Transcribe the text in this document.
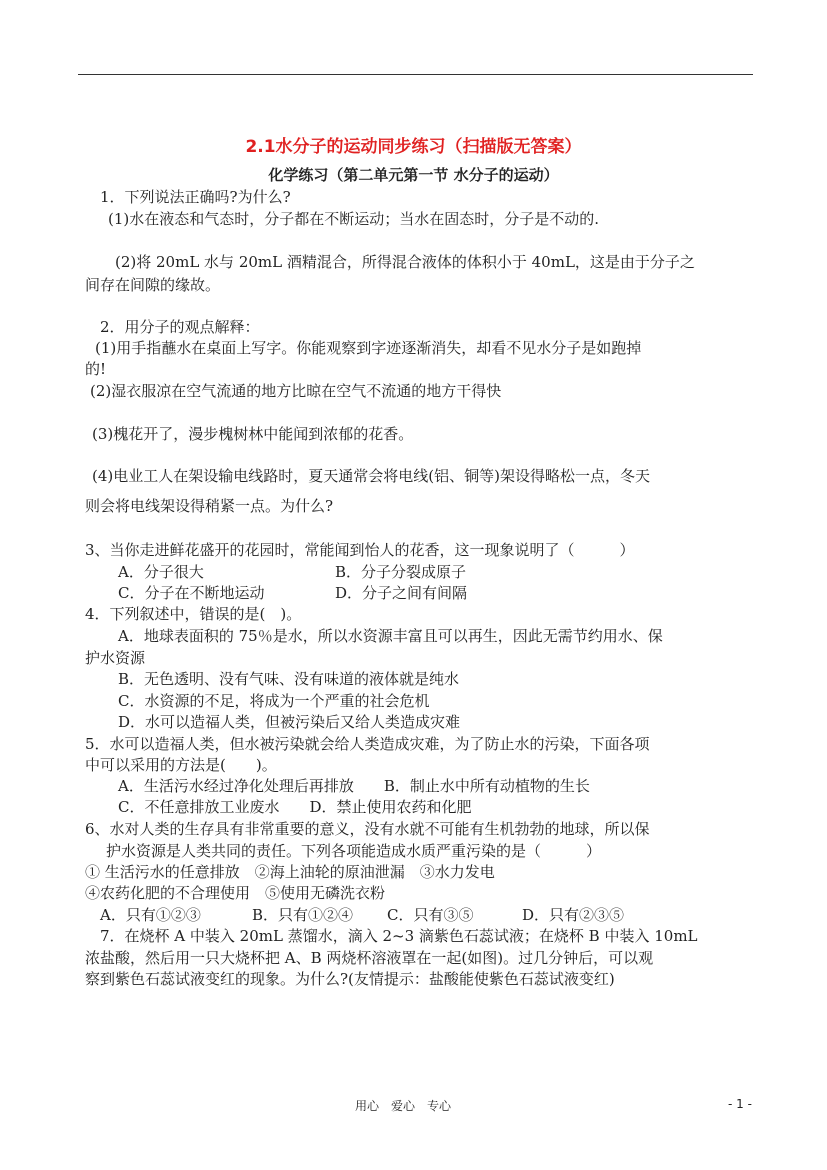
2.1水分子的运动同步练习（扫描版无答案）
化学练习（第二单元第一节 水分子的运动）
1．下列说法正确吗?为什么?
(1)水在液态和气态时，分子都在不断运动；当水在固态时，分子是不动的.
(2)将 20mL 水与 20mL 酒精混合，所得混合液体的体积小于 40mL，这是由于分子之
间存在间隙的缘故。
2．用分子的观点解释：
(1)用手指蘸水在桌面上写字。你能观察到字迹逐渐消失，却看不见水分子是如跑掉
的!
(2)湿衣服凉在空气流通的地方比晾在空气不流通的地方干得快
(3)槐花开了，漫步槐树林中能闻到浓郁的花香。
(4)电业工人在架设输电线路时，夏天通常会将电线(铝、铜等)架设得略松一点，冬天
则会将电线架设得稍紧一点。为什么?
3、当你走进鲜花盛开的花园时，常能闻到怡人的花香，这一现象说明了（　　　）
A．分子很大	B．分子分裂成原子
C．分子在不断地运动	D．分子之间有间隔
4．下列叙述中，错误的是(　)。
A．地球表面积的 75％是水，所以水资源丰富且可以再生，因此无需节约用水、保
护水资源
B．无色透明、没有气味、没有味道的液体就是纯水
C．水资源的不足，将成为一个严重的社会危机
D．水可以造福人类，但被污染后又给人类造成灾难
5．水可以造福人类，但水被污染就会给人类造成灾难，为了防止水的污染，下面各项
中可以采用的方法是(　　)。
A．生活污水经过净化处理后再排放　　B．制止水中所有动植物的生长
C．不任意排放工业废水　　D．禁止使用农药和化肥
6、水对人类的生存具有非常重要的意义，没有水就不可能有生机勃勃的地球，所以保
护水资源是人类共同的责任。下列各项能造成水质严重污染的是（　　　）
① 生活污水的任意排放　②海上油轮的原油泄漏　③水力发电
④农药化肥的不合理使用　⑤使用无磷洗衣粉
A．只有①②③	B．只有①②④ C．只有③⑤	D．只有②③⑤
7．在烧杯 A 中装入 20mL 蒸馏水，滴入 2~3 滴紫色石蕊试液；在烧杯 B 中装入 10mL
浓盐酸，然后用一只大烧杯把 A、B 两烧杯溶液罩在一起(如图)。过几分钟后，可以观
察到紫色石蕊试液变红的现象。为什么?(友情提示：盐酸能使紫色石蕊试液变红)
用心　爱心　专心	- 1 -
